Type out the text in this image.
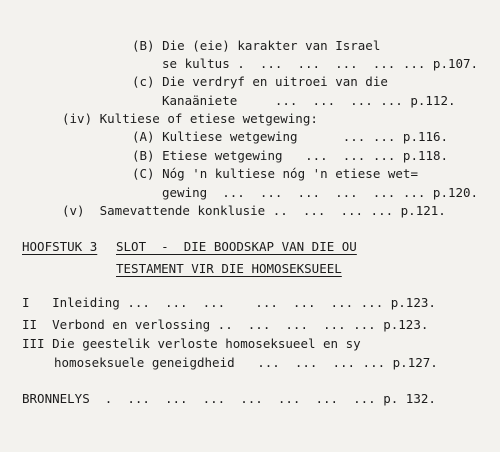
(B) Die (eie) karakter van Israel
se kultus .  ...  ...  ...  ... ... p.107.
(c) Die verdryf en uitroei van die
Kanaäniete     ...  ...  ... ... p.112.
(iv) Kultiese of etiese wetgewing:
(A) Kultiese wetgewing      ... ... p.116.
(B) Etiese wetgewing   ...  ... ... p.118.
(C) Nóg 'n kultiese nóg 'n etiese wet=
gewing  ...  ...  ...  ...  ... ... p.120.
(v)  Samevattende konklusie ..  ...  ... ... p.121.
HOOFSTUK 3 SLOT  -  DIE BOODSKAP VAN DIE OU
TESTAMENT VIR DIE HOMOSEKSUEEL
I   Inleiding ...  ...  ...    ...  ...  ... ... p.123.
II  Verbond en verlossing ..  ...  ...  ... ... p.123.
III Die geestelik verloste homoseksueel en sy
homoseksuele geneigdheid   ...  ...  ... ... p.127.
BRONNELYS  .  ...  ...  ...  ...  ...  ...  ... p. 132.
